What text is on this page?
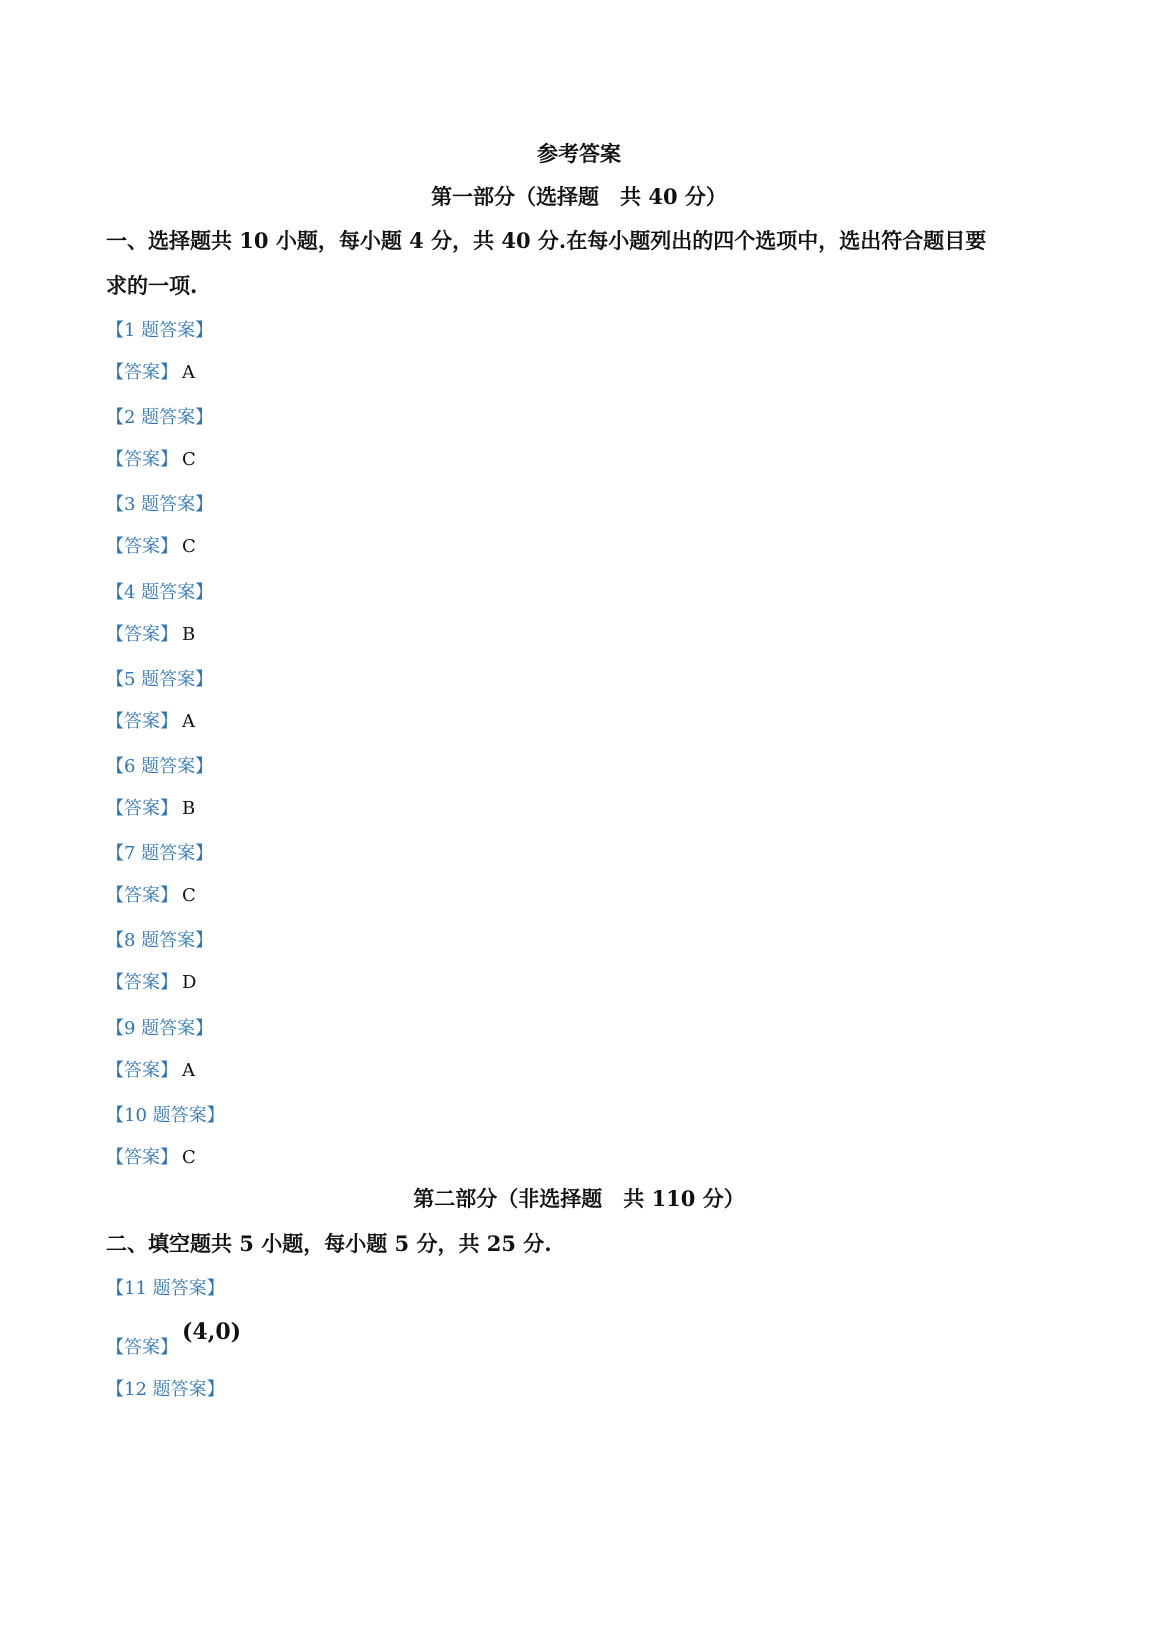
参考答案
第一部分（选择题　共 40 分）
一、选择题共 10 小题，每小题 4 分，共 40 分.在每小题列出的四个选项中，选出符合题目要
求的一项.
【1 题答案】
【答案】 A
【2 题答案】
【答案】 C
【3 题答案】
【答案】 C
【4 题答案】
【答案】 B
【5 题答案】
【答案】 A
【6 题答案】
【答案】 B
【7 题答案】
【答案】 C
【8 题答案】
【答案】 D
【9 题答案】
【答案】 A
【10 题答案】
【答案】 C
第二部分（非选择题　共 110 分）
二、填空题共 5 小题，每小题 5 分，共 25 分.
【11 题答案】
【答案】(4,0)
【12 题答案】
